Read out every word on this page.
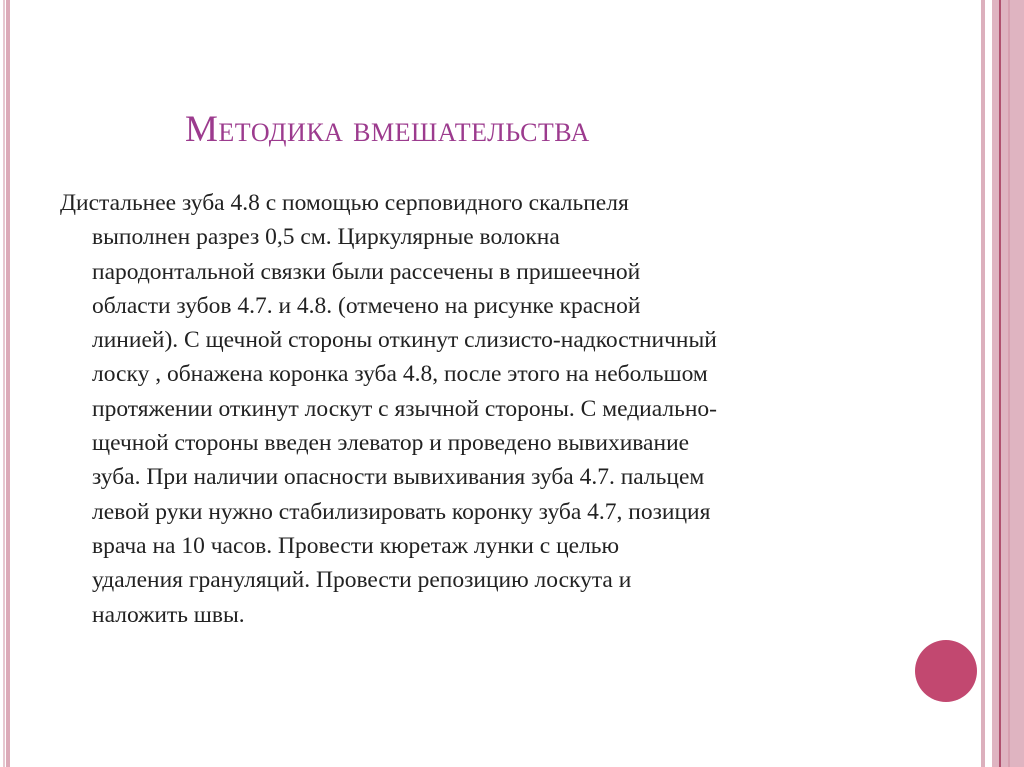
Методика вмешательства
Дистальнее зуба 4.8 с помощью серповидного скальпеля
выполнен разрез 0,5 см. Циркулярные волокна
пародонтальной связки были рассечены в пришеечной
области зубов 4.7. и 4.8. (отмечено на рисунке красной
линией). С щечной стороны откинут слизисто-надкостничный
лоску , обнажена коронка зуба 4.8, после этого на небольшом
протяжении откинут лоскут с язычной стороны. С медиально-
щечной стороны введен элеватор и проведено вывихивание
зуба. При наличии опасности вывихивания зуба 4.7. пальцем
левой руки нужно стабилизировать коронку зуба 4.7, позиция
врача на 10 часов. Провести кюретаж лунки с целью
удаления грануляций. Провести репозицию лоскута и
наложить швы.
